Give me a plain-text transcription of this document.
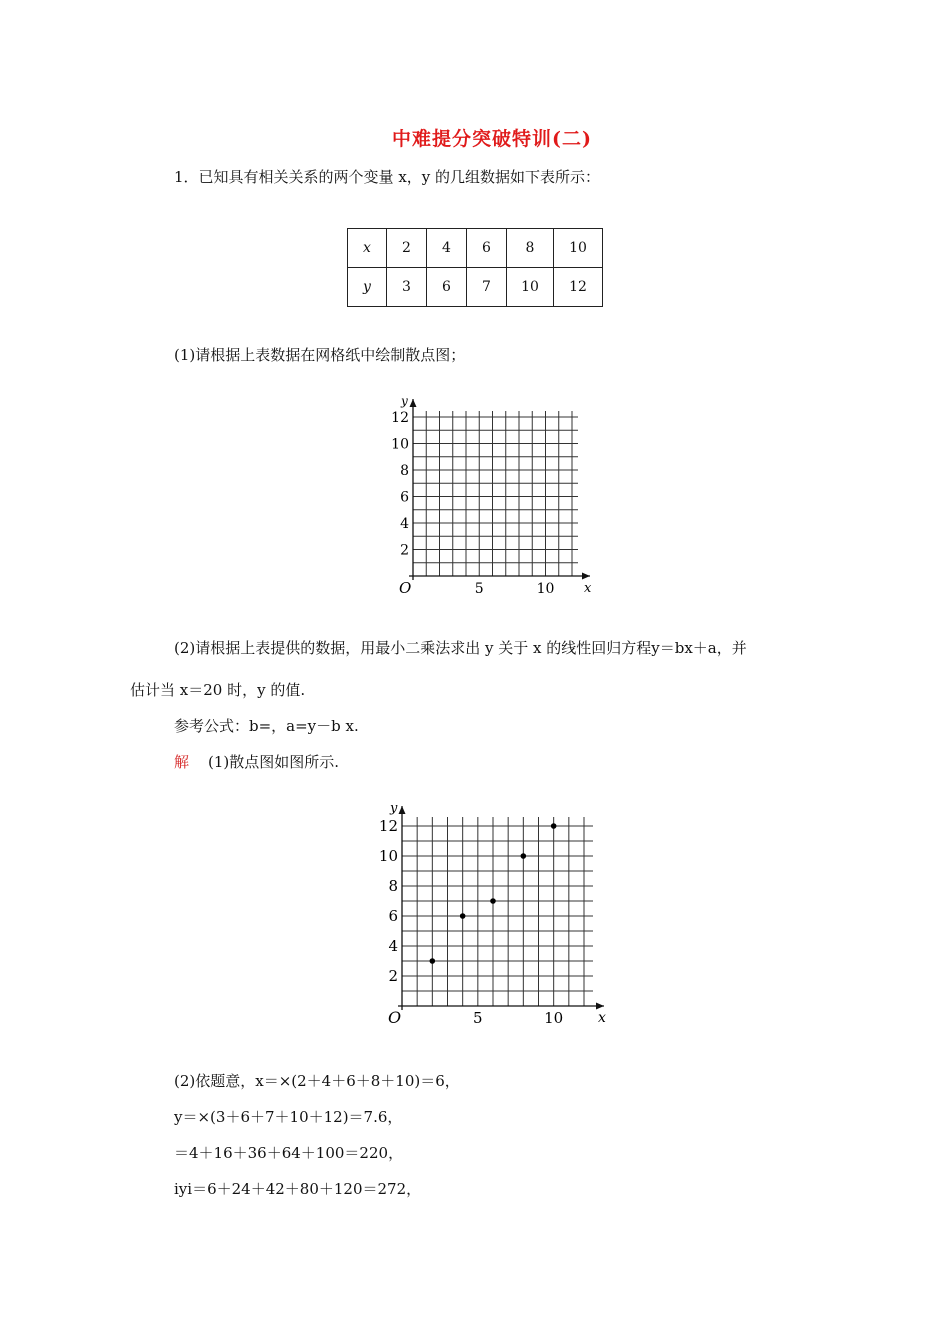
中难提分突破特训(二)
1．已知具有相关关系的两个变量 x，y 的几组数据如下表所示：
x	2	4	6	8	10
y	3	6	7	10	12
(1)请根据上表数据在网格纸中绘制散点图；
x
y
O	5	10
2
4
6
8
10
12
(2)请根据上表提供的数据，用最小二乘法求出 y 关于 x 的线性回归方程y＝bx＋a，并
估计当 x＝20 时，y 的值.
参考公式：b=，a=y－b x.
解 (1)散点图如图所示.
x
y
O	5	10
2
4
6
8
10
12
(2)依题意，x＝×(2＋4＋6＋8＋10)＝6，
y＝×(3＋6＋7＋10＋12)＝7.6，
＝4＋16＋36＋64＋100＝220，
iyi＝6＋24＋42＋80＋120＝272，
